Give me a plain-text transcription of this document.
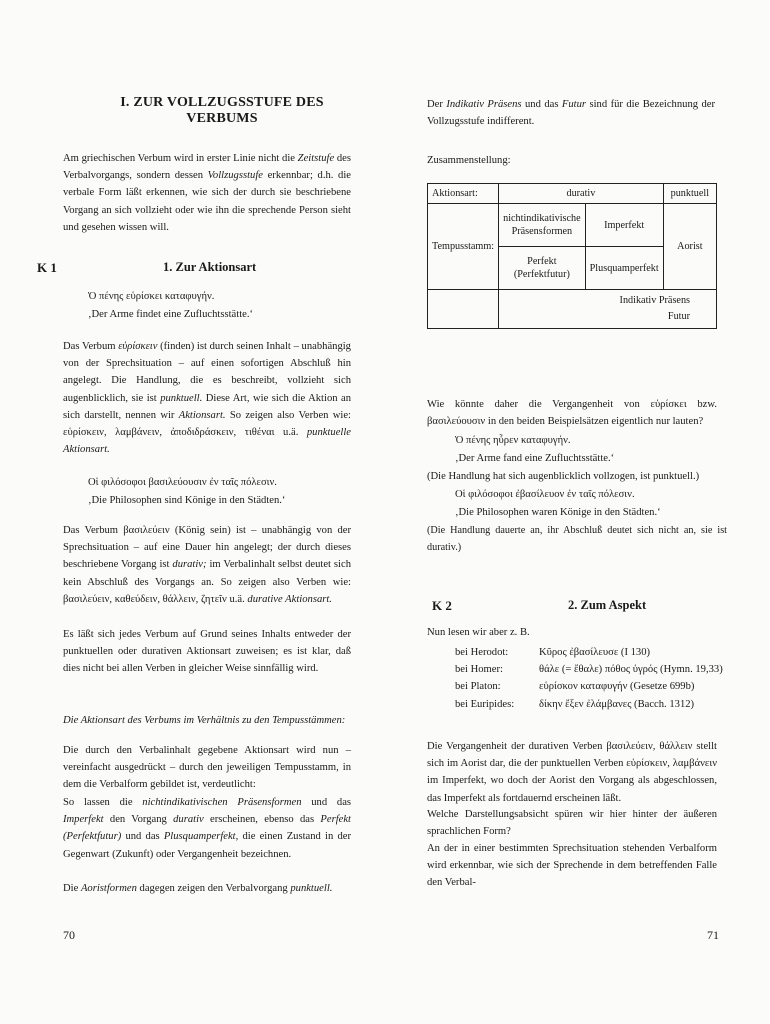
I. ZUR VOLLZUGSSTUFE DES VERBUMS

Am griechischen Verbum wird in erster Linie nicht die Zeitstufe des Verbalvorgangs, sondern dessen Vollzugsstufe erkennbar; d.h. die verbale Form läßt erkennen, wie sich der durch sie beschriebene Vorgang an sich vollzieht oder wie ihn die sprechende Person sieht und gesehen wissen will.

K 1	1. Zur Aktionsart

Ὁ πένης εὑρίσκει καταφυγήν.

‚Der Arme findet eine Zufluchtsstätte.‘

Das Verbum εὑρίσκειν (finden) ist durch seinen Inhalt – unabhängig von der Sprechsituation – auf einen sofortigen Abschluß hin angelegt. Die Handlung, die es beschreibt, vollzieht sich augenblicklich, sie ist punktuell. Diese Art, wie sich die Aktion an sich darstellt, nennen wir Aktionsart. So zeigen also Verben wie: εὑρίσκειν, λαμβάνειν, ἀποδιδράσκειν, τιθέναι u.ä. punktuelle Aktionsart.

Οἱ φιλόσοφοι βασιλεύουσιν ἐν ταῖς πόλεσιν.

‚Die Philosophen sind Könige in den Städten.‘

Das Verbum βασιλεύειν (König sein) ist – unabhängig von der Sprechsituation – auf eine Dauer hin angelegt; der durch dieses beschriebene Vorgang ist durativ; im Verbalinhalt selbst deutet sich kein Abschluß des Vorgangs an. So zeigen also Verben wie: βασιλεύειν, καθεύδειν, θάλλειν, ζητεῖν u.ä. durative Aktionsart.

Es läßt sich jedes Verbum auf Grund seines Inhalts entweder der punktuellen oder durativen Aktionsart zuweisen; es ist klar, daß dies nicht bei allen Verben in gleicher Weise sinnfällig wird.

Die Aktionsart des Verbums im Verhältnis zu den Tempusstämmen:

Die durch den Verbalinhalt gegebene Aktionsart wird nun – vereinfacht ausgedrückt – durch den jeweiligen Tempusstamm, in dem die Verbalform gebildet ist, verdeutlicht:

So lassen die nichtindikativischen Präsensformen und das Imperfekt den Vorgang durativ erscheinen, ebenso das Perfekt (Perfektfutur) und das Plusquamperfekt, die einen Zustand in der Gegenwart (Zukunft) oder Vergangenheit bezeichnen.

Die Aoristformen dagegen zeigen den Verbalvorgang punktuell.

70

Der Indikativ Präsens und das Futur sind für die Bezeichnung der Vollzugsstufe indifferent.

Zusammenstellung:

Aktionsart:	durativ		punktuell
Tempusstamm:	nichtindikativische Präsensformen	Imperfekt	Aorist
	Perfekt (Perfektfutur)	Plusquamperfekt	
	Indikativ Präsens
Futur		

Wie könnte daher die Vergangenheit von εὑρίσκει bzw. βασιλεύουσιν in den beiden Beispielsätzen eigentlich nur lauten?

Ὁ πένης ηὗρεν καταφυγήν.

‚Der Arme fand eine Zufluchtsstätte.‘

(Die Handlung hat sich augenblicklich vollzogen, ist punktuell.)

Οἱ φιλόσοφοι ἐβασίλευον ἐν ταῖς πόλεσιν.

‚Die Philosophen waren Könige in den Städten.‘

(Die Handlung dauerte an, ihr Abschluß deutet sich nicht an, sie ist durativ.)

K 2	2. Zum Aspekt

Nun lesen wir aber z. B.

bei Herodot:	Κῦρος ἐβασίλευσε (I 130)
bei Homer:	θάλε (= ἔθαλε) πόθος ὑγρός (Hymn. 19,33)
bei Platon:	εὑρίσκον καταφυγήν (Gesetze 699b)
bei Euripides:	δίκην ἔξεν ἐλάμβανες (Bacch. 1312)

Die Vergangenheit der durativen Verben βασιλεύειν, θάλλειν stellt sich im Aorist dar, die der punktuellen Verben εὑρίσκειν, λαμβάνειν im Imperfekt, wo doch der Aorist den Vorgang als abgeschlossen, das Imperfekt als fortdauernd erscheinen läßt.

Welche Darstellungsabsicht spüren wir hier hinter der äußeren sprachlichen Form?

An der in einer bestimmten Sprechsituation stehenden Verbalform wird erkennbar, wie sich der Sprechende in dem betreffenden Falle den Verbal-

71
